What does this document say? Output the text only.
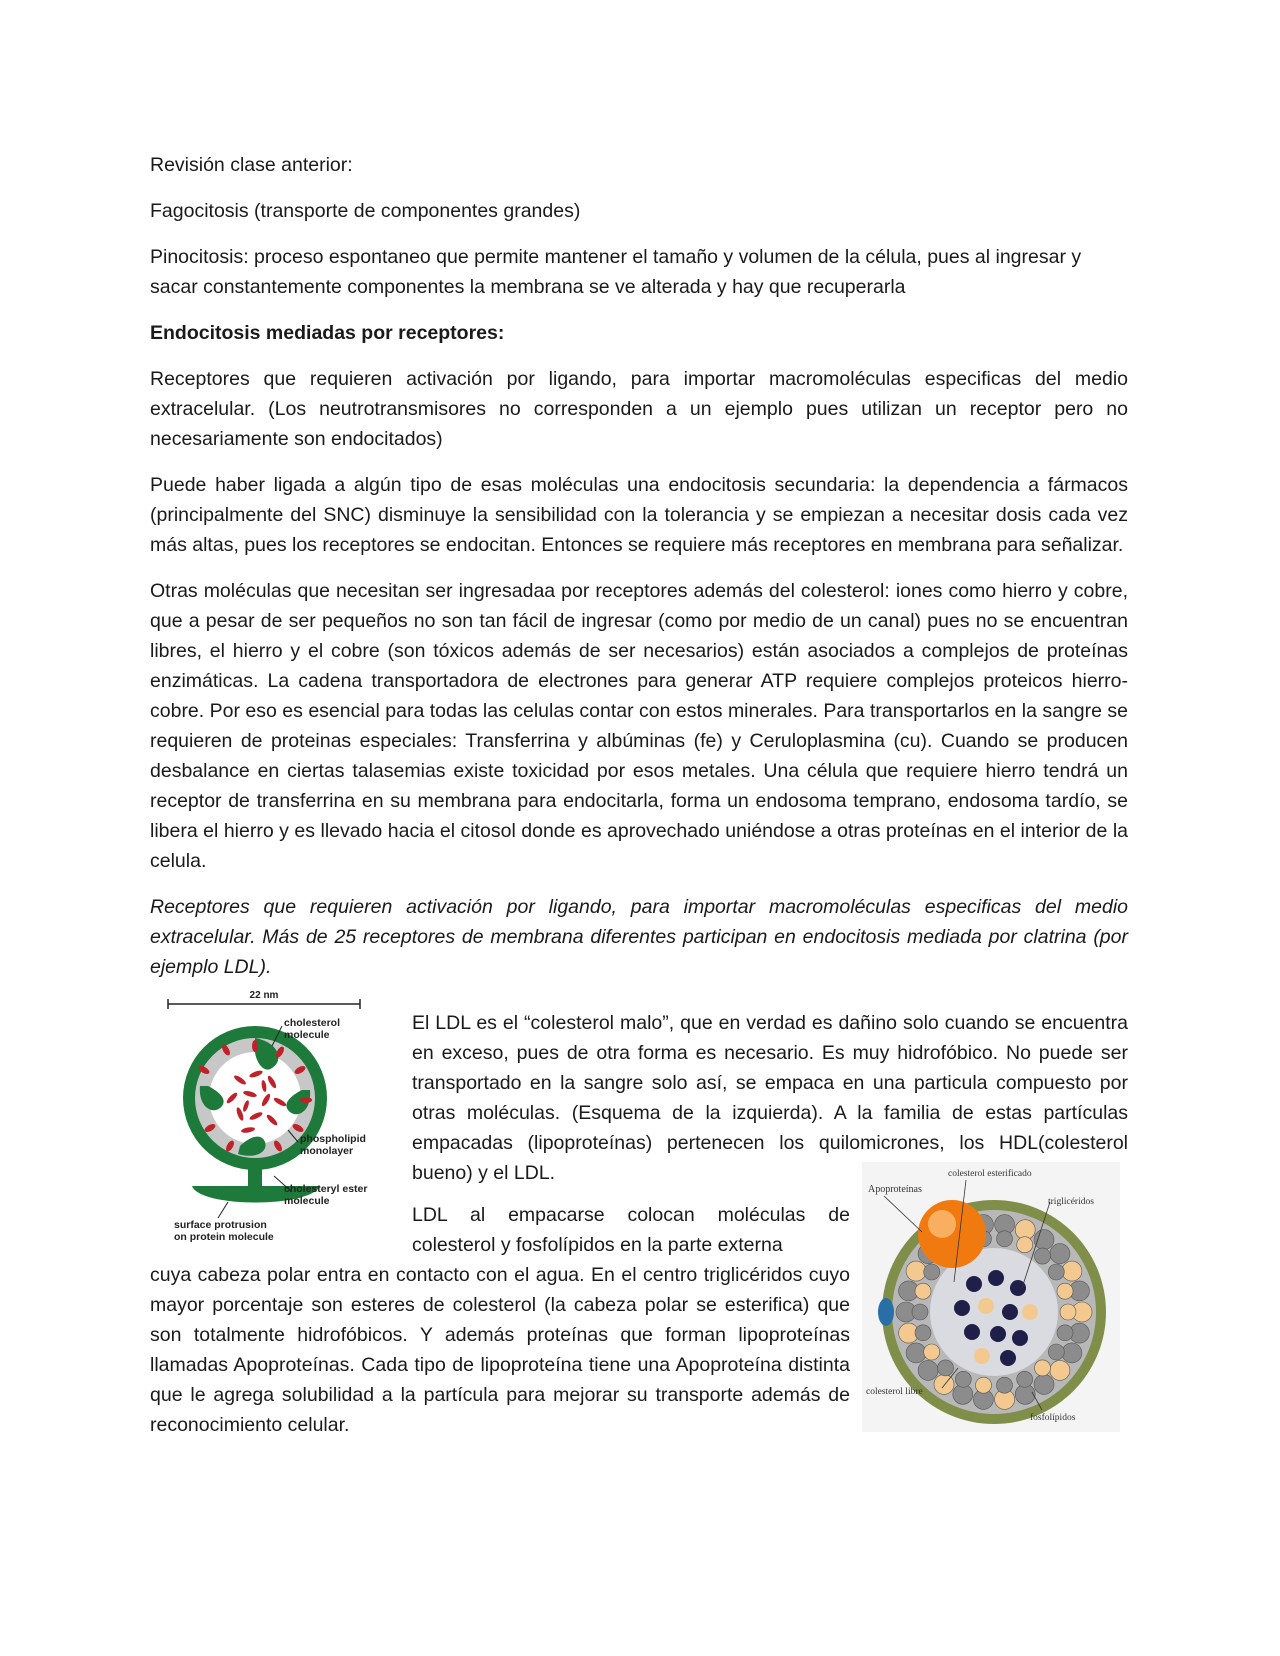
Revisión clase anterior:

Fagocitosis (transporte de componentes grandes)

Pinocitosis: proceso espontaneo que permite mantener el tamaño y volumen de la célula, pues al ingresar y sacar constantemente componentes la membrana se ve alterada y hay que recuperarla

Endocitosis mediadas por receptores:

Receptores que requieren activación por ligando, para importar macromoléculas especificas del medio extracelular. (Los neutrotransmisores no corresponden a un ejemplo pues utilizan un receptor pero no necesariamente son endocitados)

Puede haber ligada a algún tipo de esas moléculas una endocitosis secundaria: la dependencia a fármacos (principalmente del SNC) disminuye la sensibilidad con la tolerancia y se empiezan a necesitar dosis cada vez más altas, pues los receptores se endocitan. Entonces se requiere más receptores en membrana para señalizar.

Otras moléculas que necesitan ser ingresadaa por receptores además del colesterol: iones como hierro y cobre, que a pesar de ser pequeños no son tan fácil de ingresar (como por medio de un canal) pues no se encuentran libres, el hierro y el cobre (son tóxicos además de ser necesarios) están asociados a complejos de proteínas enzimáticas. La cadena transportadora de electrones para generar ATP requiere complejos proteicos hierro-cobre. Por eso es esencial para todas las celulas contar con estos minerales. Para transportarlos en la sangre se requieren de proteinas especiales: Transferrina y albúminas (fe) y Ceruloplasmina (cu). Cuando se producen desbalance en ciertas talasemias existe toxicidad por esos metales. Una célula que requiere hierro tendrá un receptor de transferrina en su membrana para endocitarla, forma un endosoma temprano, endosoma tardío, se libera el hierro y es llevado hacia el citosol donde es aprovechado uniéndose a otras proteínas en el interior de la celula.

Receptores que requieren activación por ligando, para importar macromoléculas especificas del medio extracelular. Más de 25 receptores de membrana diferentes participan en endocitosis mediada por clatrina (por ejemplo LDL).

22 nm
cholesterol
molecule
phospholipid
monolayer
cholesteryl ester
molecule
surface protrusion
on protein molecule

El LDL es el “colesterol malo”, que en verdad es dañino solo cuando se encuentra en exceso, pues de otra forma es necesario. Es muy hidrofóbico. No puede ser transportado en la sangre solo así, se empaca en una particula compuesto por otras moléculas. (Esquema de la izquierda). A la familia de estas partículas empacadas (lipoproteínas) pertenecen los quilomicrones, los HDL(colesterol bueno) y el LDL.

LDL al empacarse colocan moléculas de colesterol y fosfolípidos en la parte externa

cuya cabeza polar entra en contacto con el agua. En el centro triglicéridos cuyo mayor porcentaje son esteres de colesterol (la cabeza polar se esterifica) que son totalmente hidrofóbicos. Y además proteínas que forman lipoproteínas llamadas Apoproteínas. Cada tipo de lipoproteína tiene una Apoproteína distinta que le agrega solubilidad a la partícula para mejorar su transporte además de reconocimiento celular.

Apoproteínas
colesterol esterificado
triglicéridos
colesterol libre
fosfolípidos
